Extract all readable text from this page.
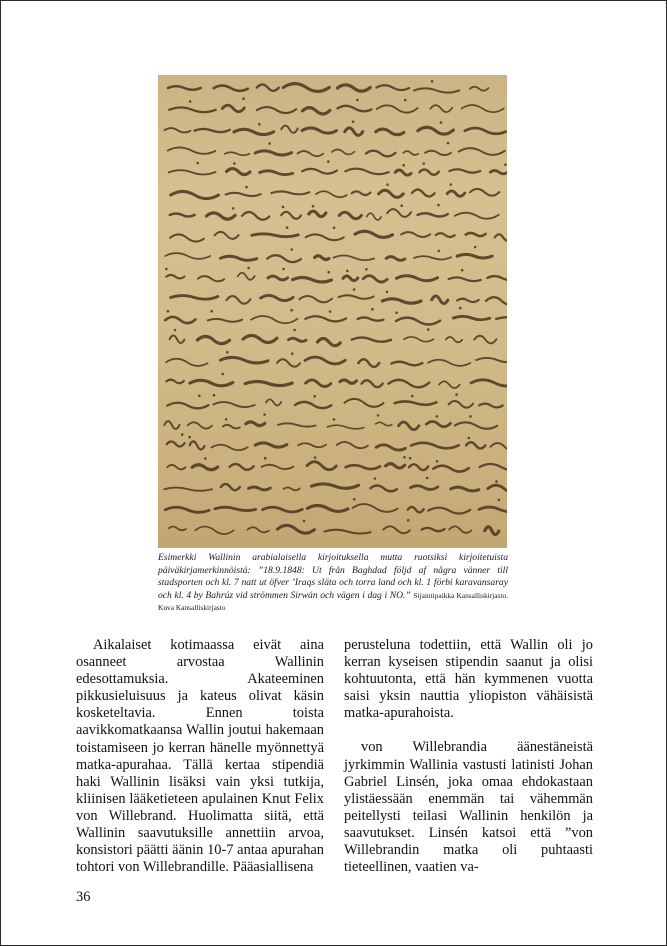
Esimerkki Wallinin arabialaisella kirjoituksella mutta ruotsiksi kirjoitetuista päiväkirjamerkinnöistä: ”18.9.1848: Ut från Baghdad följd af några vänner till stadsporten och kl. 7 natt ut öfver ’Iraqs släta och torra land och kl. 1 förbi karavansaray och kl. 4 by Bahrúz vid strömmen Sirwán och vägen i dag i NO.” Sijaintipaikka Kansalliskirjasto. Kuva Kansalliskirjasto

Aikalaiset kotimaassa eivät aina osanneet arvostaa Wallinin edesottamuksia. Akateeminen pikkusieluisuus ja kateus olivat käsin kosketeltavia. Ennen toista aavikkomatkaansa Wallin joutui hakemaan toistamiseen jo kerran hänelle myönnettyä matka-apurahaa. Tällä kertaa stipendiä haki Wallinin lisäksi vain yksi tutkija, kliinisen lääketieteen apulainen Knut Felix von Willebrand. Huolimatta siitä, että Wallinin saavutuksille annettiin arvoa, konsistori päätti äänin 10-7 antaa apurahan tohtori von Willebrandille. Pääasiallisena

perusteluna todettiin, että Wallin oli jo kerran kyseisen stipendin saanut ja olisi kohtuutonta, että hän kymmenen vuotta saisi yksin nauttia yliopiston vähäisistä matka-apurahoista.

von Willebrandia äänestäneistä jyrkimmin Wallinia vastusti latinisti Johan Gabriel Linsén, joka omaa ehdokastaan ylistäessään enemmän tai vähemmän peitellysti teilasi Wallinin henkilön ja saavutukset. Linsén katsoi että ”von Willebrandin matka oli puhtaasti tieteellinen, vaatien va-

36
